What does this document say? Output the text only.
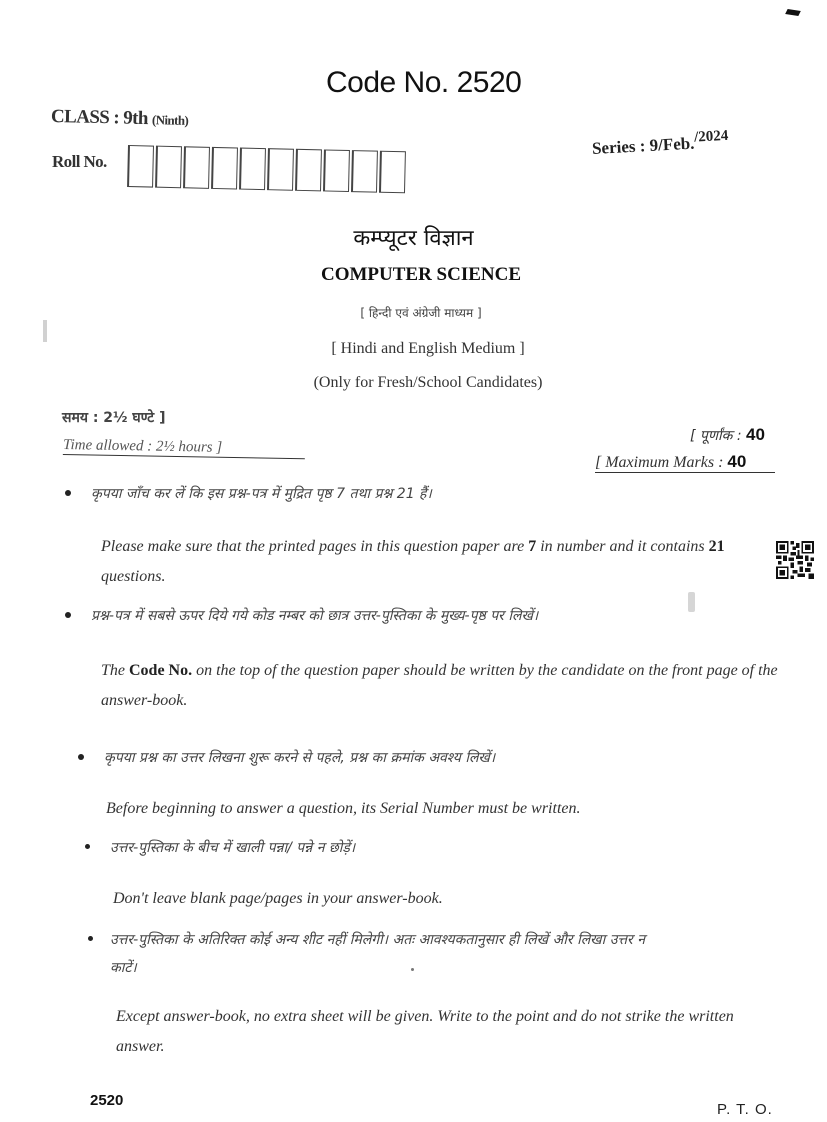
Code No. 2520
CLASS : 9th (Ninth)
Roll No.
Series : 9/Feb.$^{/2024}$
कम्प्यूटर विज्ञान
COMPUTER SCIENCE
[ हिन्दी एवं अंग्रेजी माध्यम ]
[ Hindi and English Medium ]
(Only for Fresh/School Candidates)
समय : 2½ घण्टे ]
Time allowed : 2½ hours ]
[ पूर्णांक : 40
[ Maximum Marks : 40
कृपया जाँच कर लें कि इस प्रश्न-पत्र में मुद्रित पृष्ठ 7 तथा प्रश्न 21 हैं।
Please make sure that the printed pages in this question paper are 7 in number and it contains 21 questions.
प्रश्न-पत्र में सबसे ऊपर दिये गये कोड नम्बर को छात्र उत्तर-पुस्तिका के मुख्य-पृष्ठ पर लिखें।
The Code No. on the top of the question paper should be written by the candidate on the front page of the answer-book.
कृपया प्रश्न का उत्तर लिखना शुरू करने से पहले, प्रश्न का क्रमांक अवश्य लिखें।
Before beginning to answer a question, its Serial Number must be written.
उत्तर-पुस्तिका के बीच में खाली पन्ना/ पन्ने न छोड़ें।
Don't leave blank page/pages in your answer-book.
उत्तर-पुस्तिका के अतिरिक्त कोई अन्य शीट नहीं मिलेगी। अतः आवश्यकतानुसार ही लिखें और लिखा उत्तर न
काटें।
Except answer-book, no extra sheet will be given. Write to the point and do not strike the written answer.
2520
P. T. O.
